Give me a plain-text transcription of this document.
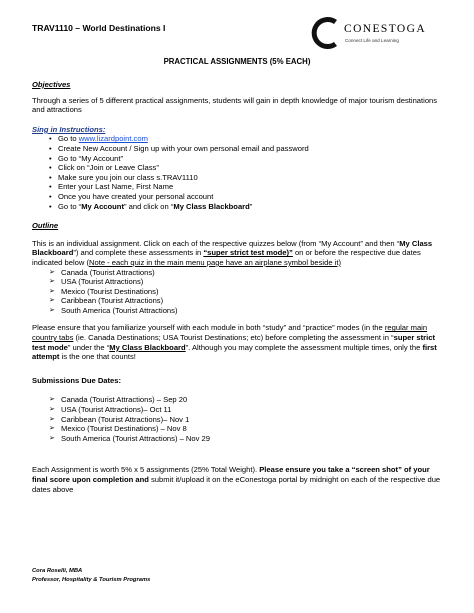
TRAV1110 – World Destinations I	CONESTOGA
Connect Life and Learning
PRACTICAL ASSIGNMENTS (5% EACH)
Objectives

Through a series of 5 different practical assignments, students will gain in depth knowledge of major tourism destinations and attractions

Sing in Instructions:
• Go to www.lizardpoint.com
• Create New Account / Sign up with your own personal email and password
• Go to “My Account”
• Click on “Join or Leave Class”
• Make sure you join our class s.TRAV1110
• Enter your Last Name, First Name
• Once you have created your personal account
• Go to “My Account” and click on “My Class Blackboard”
Outline

This is an individual assignment. Click on each of the respective quizzes below (from “My Account” and then “My Class Blackboard”) and complete these assessments in “super strict test mode)” on or before the respective due dates indicated below (Note - each quiz in the main menu page have an airplane symbol beside it)

➢ Canada (Tourist Attractions)
➢ USA (Tourist Attractions)
➢ Mexico (Tourist Destinations)
➢ Caribbean (Tourist Attractions)
➢ South America (Tourist Attractions)

Please ensure that you familiarize yourself with each module in both “study” and “practice” modes (in the regular main country tabs (ie. Canada Destinations; USA Tourist Destinations; etc) before completing the assessment in “super strict test mode” under the “My Class Blackboard”. Although you may complete the assessment multiple times, only the first attempt is the one that counts!

Submissions Due Dates:
➢ Canada (Tourist Attractions) – Sep 20
➢ USA (Tourist Attractions)– Oct 11
➢ Caribbean (Tourist Attractions)– Nov 1
➢ Mexico (Tourist Destinations) – Nov 8
➢ South America (Tourist Attractions) – Nov 29

Each Assignment is worth 5% x 5 assignments (25% Total Weight). Please ensure you take a “screen shot” of your final score upon completion and submit it/upload it on the eConestoga portal by midnight on each of the respective due dates above

Cora Roselli, MBA
Professor, Hospitality & Tourism Programs
